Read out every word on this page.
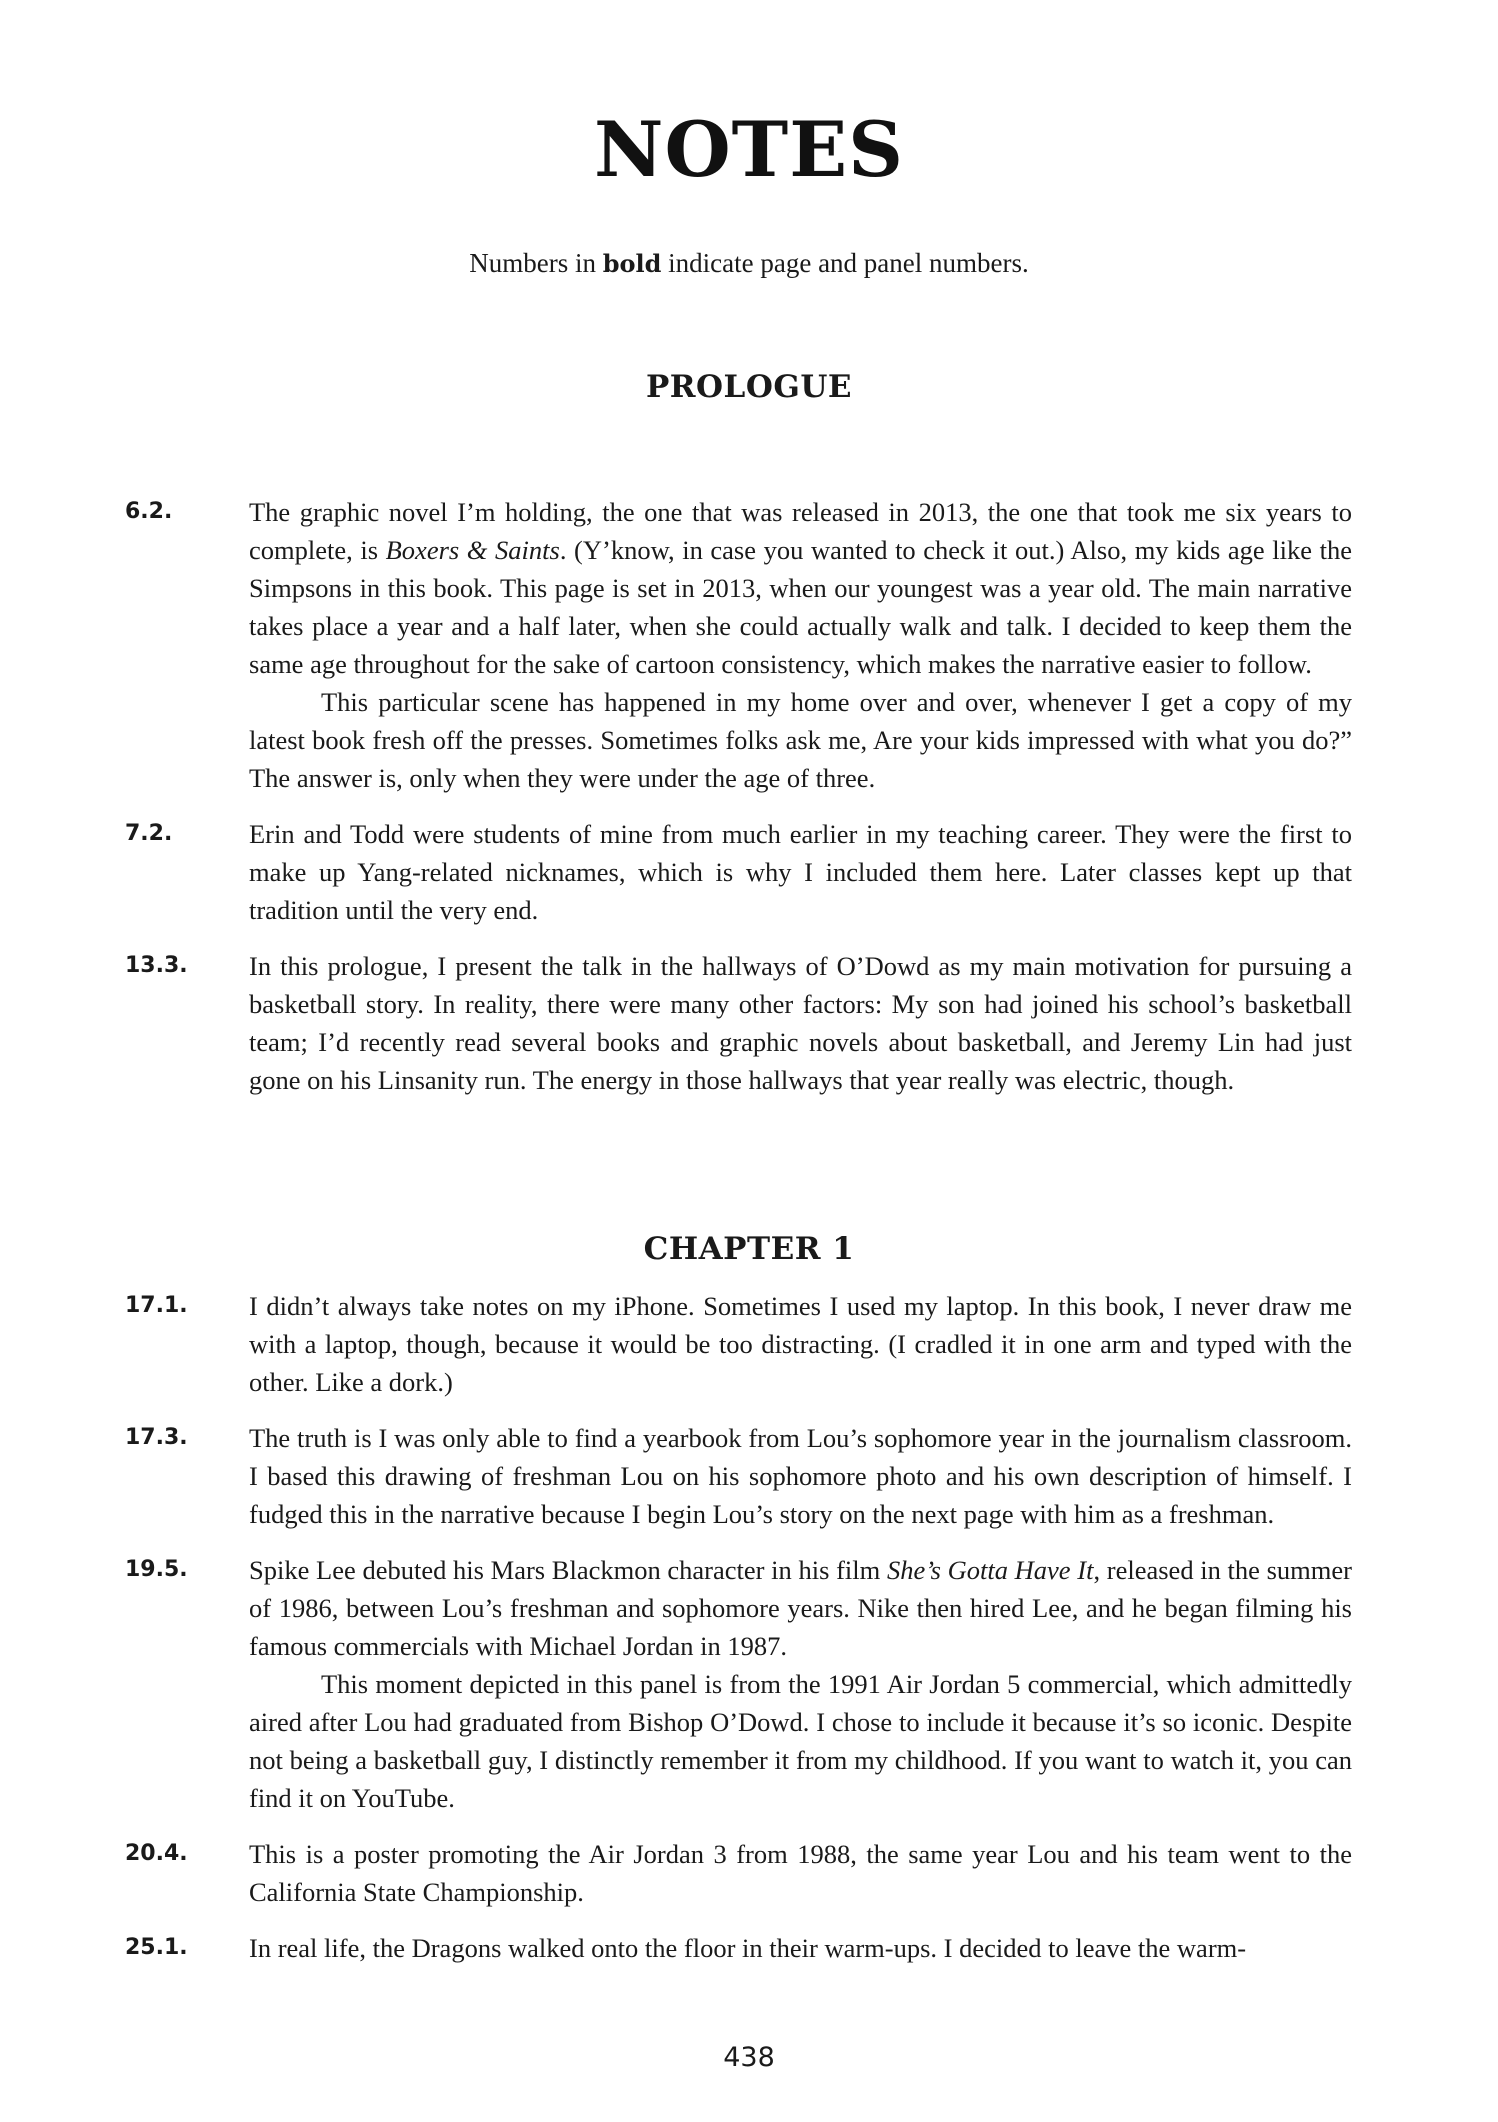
NOTES

Numbers in bold indicate page and panel numbers.

PROLOGUE
6.2.	The graphic novel I’m holding, the one that was released in 2013, the one that took me six years to complete, is Boxers & Saints. (Y’know, in case you wanted to check it out.) Also, my kids age like the Simpsons in this book. This page is set in 2013, when our youngest was a year old. The main narrative takes place a year and a half later, when she could actually walk and talk. I decided to keep them the same age throughout for the sake of cartoon consistency, which makes the narrative easier to follow.

This particular scene has happened in my home over and over, whenever I get a copy of my latest book fresh off the presses. Sometimes folks ask me, Are your kids impressed with what you do?” The answer is, only when they were under the age of three.

7.2.	Erin and Todd were students of mine from much earlier in my teaching career. They were the first to make up Yang-related nicknames, which is why I included them here. Later classes kept up that tradition until the very end.

13.3. In this prologue, I present the talk in the hallways of O’Dowd as my main motivation for pursuing a basketball story. In reality, there were many other factors: My son had joined his school’s basketball team; I’d recently read several books and graphic novels about basketball, and Jeremy Lin had just gone on his Linsanity run. The energy in those hallways that year really was electric, though.

CHAPTER 1
17.1. I didn’t always take notes on my iPhone. Sometimes I used my laptop. In this book, I never draw me with a laptop, though, because it would be too distracting. (I cradled it in one arm and typed with the other. Like a dork.)

17.3. The truth is I was only able to find a yearbook from Lou’s sophomore year in the journalism classroom. I based this drawing of freshman Lou on his sophomore photo and his own description of himself. I fudged this in the narrative because I begin Lou’s story on the next page with him as a freshman.

19.5. Spike Lee debuted his Mars Blackmon character in his film She’s Gotta Have It, released in the summer of 1986, between Lou’s freshman and sophomore years. Nike then hired Lee, and he began filming his famous commercials with Michael Jordan in 1987.

This moment depicted in this panel is from the 1991 Air Jordan 5 commercial, which admittedly aired after Lou had graduated from Bishop O’Dowd. I chose to include it because it’s so iconic. Despite not being a basketball guy, I distinctly remember it from my childhood. If you want to watch it, you can find it on YouTube.

20.4. This is a poster promoting the Air Jordan 3 from 1988, the same year Lou and his team went to the California State Championship.

25.1. In real life, the Dragons walked onto the floor in their warm-ups. I decided to leave the warm-

438
